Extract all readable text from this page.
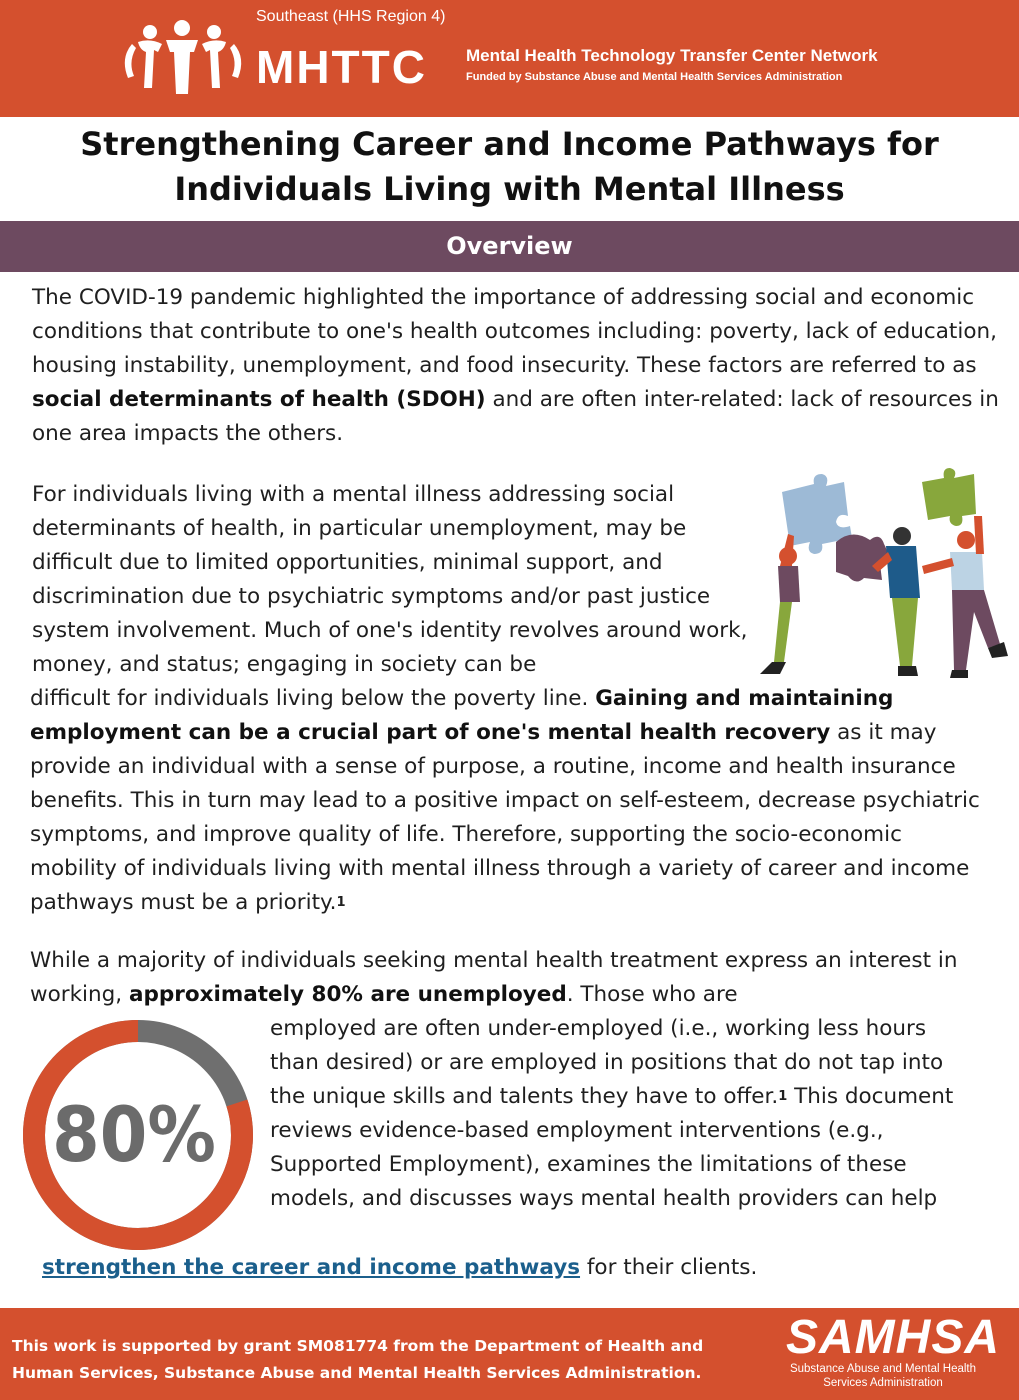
Southeast (HHS Region 4)
MHTTC Mental Health Technology Transfer Center Network
Funded by Substance Abuse and Mental Health Services Administration
Strengthening Career and Income Pathways for
Individuals Living with Mental Illness
Overview
The COVID-19 pandemic highlighted the importance of addressing social and economic conditions that contribute to one's health outcomes including: poverty, lack of education, housing instability, unemployment, and food insecurity. These factors are referred to as social determinants of health (SDOH) and are often inter-related: lack of resources in one area impacts the others.
For individuals living with a mental illness addressing social determinants of health, in particular unemployment, may be difficult due to limited opportunities, minimal support, and discrimination due to psychiatric symptoms and/or past justice system involvement. Much of one's identity revolves around work, money, and status; engaging in society can be
difficult for individuals living below the poverty line. Gaining and maintaining employment can be a crucial part of one's mental health recovery as it may provide an individual with a sense of purpose, a routine, income and health insurance benefits. This in turn may lead to a positive impact on self-esteem, decrease psychiatric symptoms, and improve quality of life. Therefore, supporting the socio-economic mobility of individuals living with mental illness through a variety of career and income pathways must be a priority.$^1$
While a majority of individuals seeking mental health treatment express an interest in working, approximately 80% are unemployed. Those who are
80%
employed are often under-employed (i.e., working less hours than desired) or are employed in positions that do not tap into the unique skills and talents they have to offer.$^1$ This document reviews evidence-based employment interventions (e.g., Supported Employment), examines the limitations of these models, and discusses ways mental health providers can help
strengthen the career and income pathways for their clients.
This work is supported by grant SM081774 from the Department of Health and
Human Services, Substance Abuse and Mental Health Services Administration.
SAMHSA
Substance Abuse and Mental Health
Services Administration
